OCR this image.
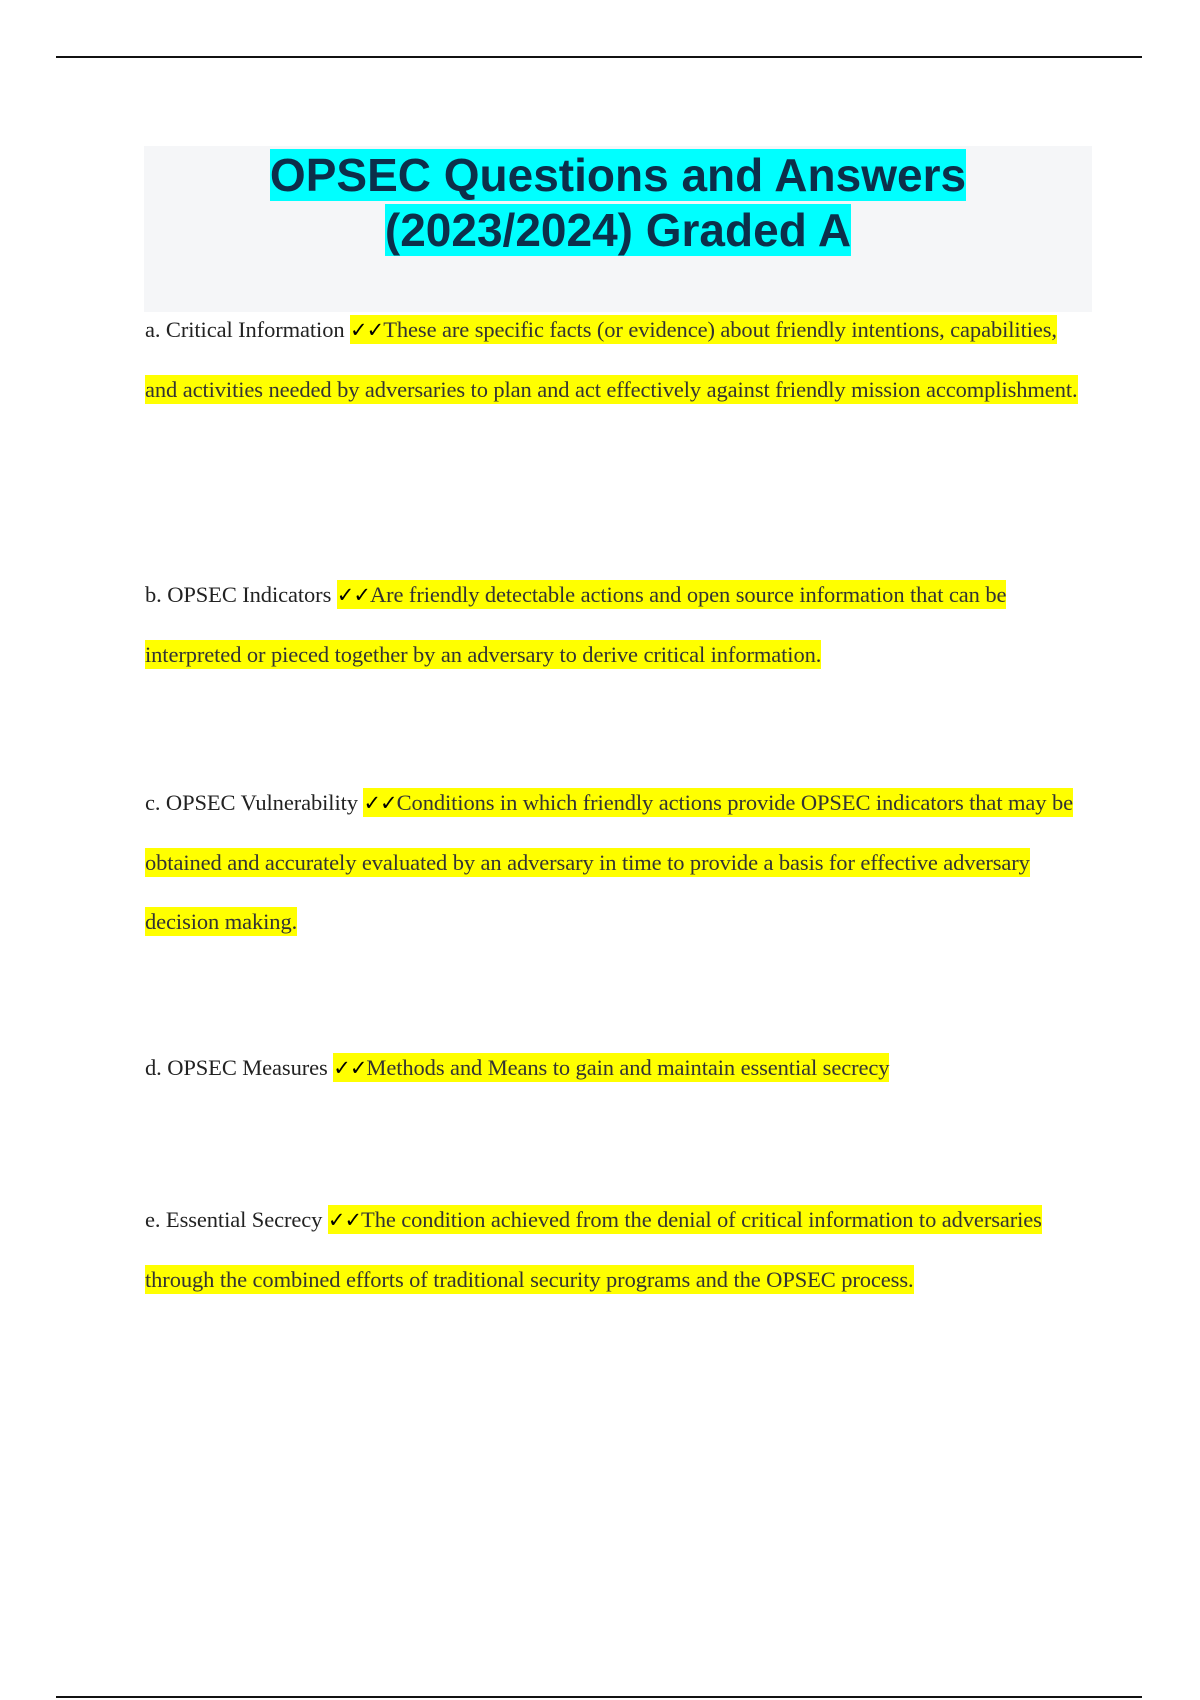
OPSEC Questions and Answers
(2023/2024) Graded A

a. Critical Information ✓✓These are specific facts (or evidence) about friendly intentions, capabilities, and activities needed by adversaries to plan and act effectively against friendly mission accomplishment.

b. OPSEC Indicators ✓✓Are friendly detectable actions and open source information that can be interpreted or pieced together by an adversary to derive critical information.

c. OPSEC Vulnerability ✓✓Conditions in which friendly actions provide OPSEC indicators that may be obtained and accurately evaluated by an adversary in time to provide a basis for effective adversary decision making.

d. OPSEC Measures ✓✓Methods and Means to gain and maintain essential secrecy

e. Essential Secrecy ✓✓The condition achieved from the denial of critical information to adversaries through the combined efforts of traditional security programs and the OPSEC process.
